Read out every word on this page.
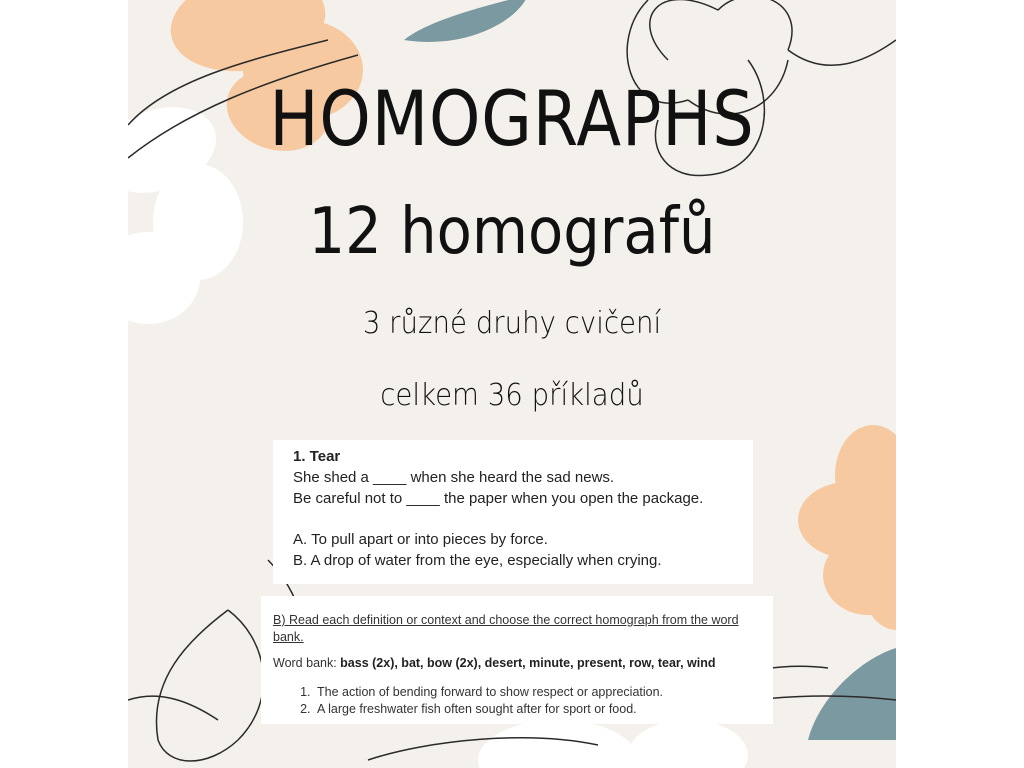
HOMOGRAPHS
12 homografů
3 různé druhy cvičení
celkem 36 příkladů
1. Tear
She shed a ____ when she heard the sad news.
Be careful not to ____ the paper when you open the package.
A. To pull apart or into pieces by force.
B. A drop of water from the eye, especially when crying.
B) Read each definition or context and choose the correct homograph from the word bank.
Word bank: bass (2x), bat, bow (2x), desert, minute, present, row, tear, wind
1. The action of bending forward to show respect or appreciation.
2. A large freshwater fish often sought after for sport or food.
